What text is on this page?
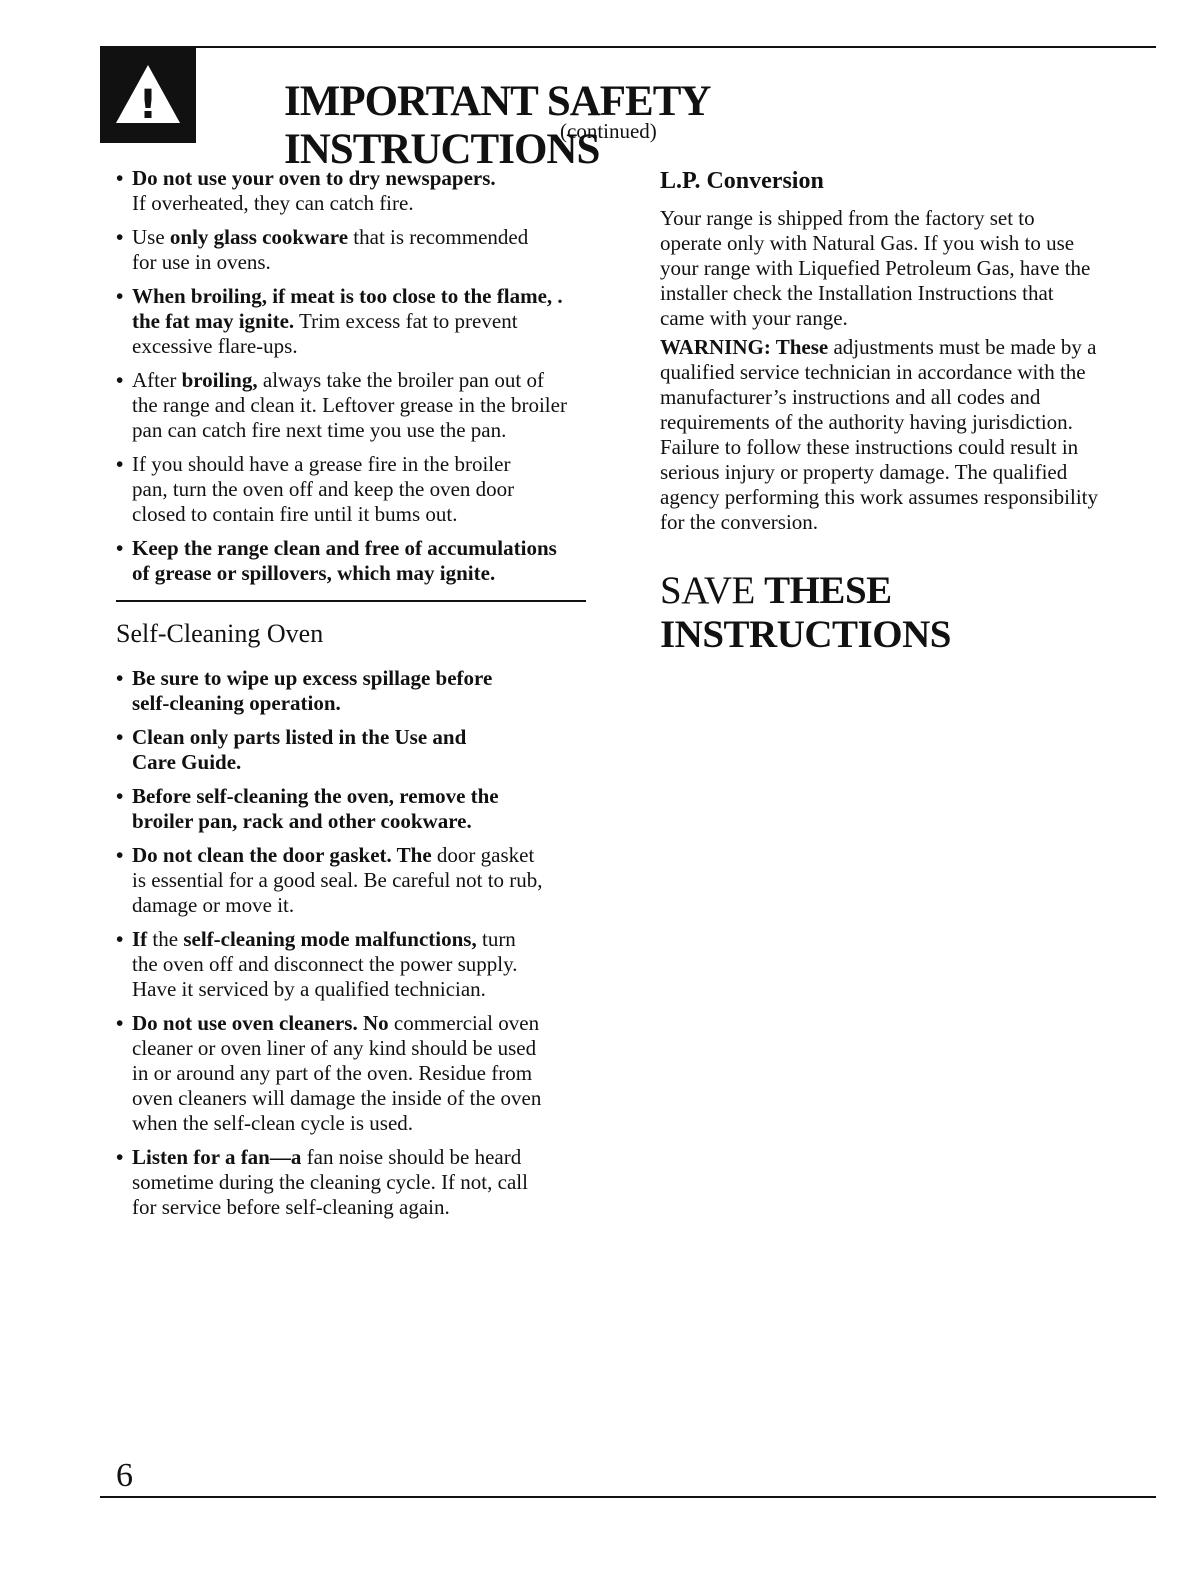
!	IMPORTANT SAFETY INSTRUCTIONS
(continued)
• Do not use your oven to dry newspapers.
If overheated, they can catch fire.
• Use only glass cookware that is recommended
for use in ovens.
• When broiling, if meat is too close to the flame, .
the fat may ignite. Trim excess fat to prevent
excessive flare-ups.
• After broiling, always take the broiler pan out of
the range and clean it. Leftover grease in the broiler
pan can catch fire next time you use the pan.
• If you should have a grease fire in the broiler
pan, turn the oven off and keep the oven door
closed to contain fire until it bums out.
• Keep the range clean and free of accumulations
of grease or spillovers, which may ignite.
Self-Cleaning Oven
• Be sure to wipe up excess spillage before
self-cleaning operation.
• Clean only parts listed in the Use and
Care Guide.
• Before self-cleaning the oven, remove the
broiler pan, rack and other cookware.
• Do not clean the door gasket. The door gasket
is essential for a good seal. Be careful not to rub,
damage or move it.
• If the self-cleaning mode malfunctions, turn
the oven off and disconnect the power supply.
Have it serviced by a qualified technician.
• Do not use oven cleaners. No commercial oven
cleaner or oven liner of any kind should be used
in or around any part of the oven. Residue from
oven cleaners will damage the inside of the oven
when the self-clean cycle is used.
• Listen for a fan—a fan noise should be heard
sometime during the cleaning cycle. If not, call
for service before self-cleaning again.
L.P. Conversion
Your range is shipped from the factory set to
operate only with Natural Gas. If you wish to use
your range with Liquefied Petroleum Gas, have the
installer check the Installation Instructions that
came with your range.
WARNING: These adjustments must be made by a
qualified service technician in accordance with the
manufacturer’s instructions and all codes and
requirements of the authority having jurisdiction.
Failure to follow these instructions could result in
serious injury or property damage. The qualified
agency performing this work assumes responsibility
for the conversion.
SAVE THESE
INSTRUCTIONS
6
